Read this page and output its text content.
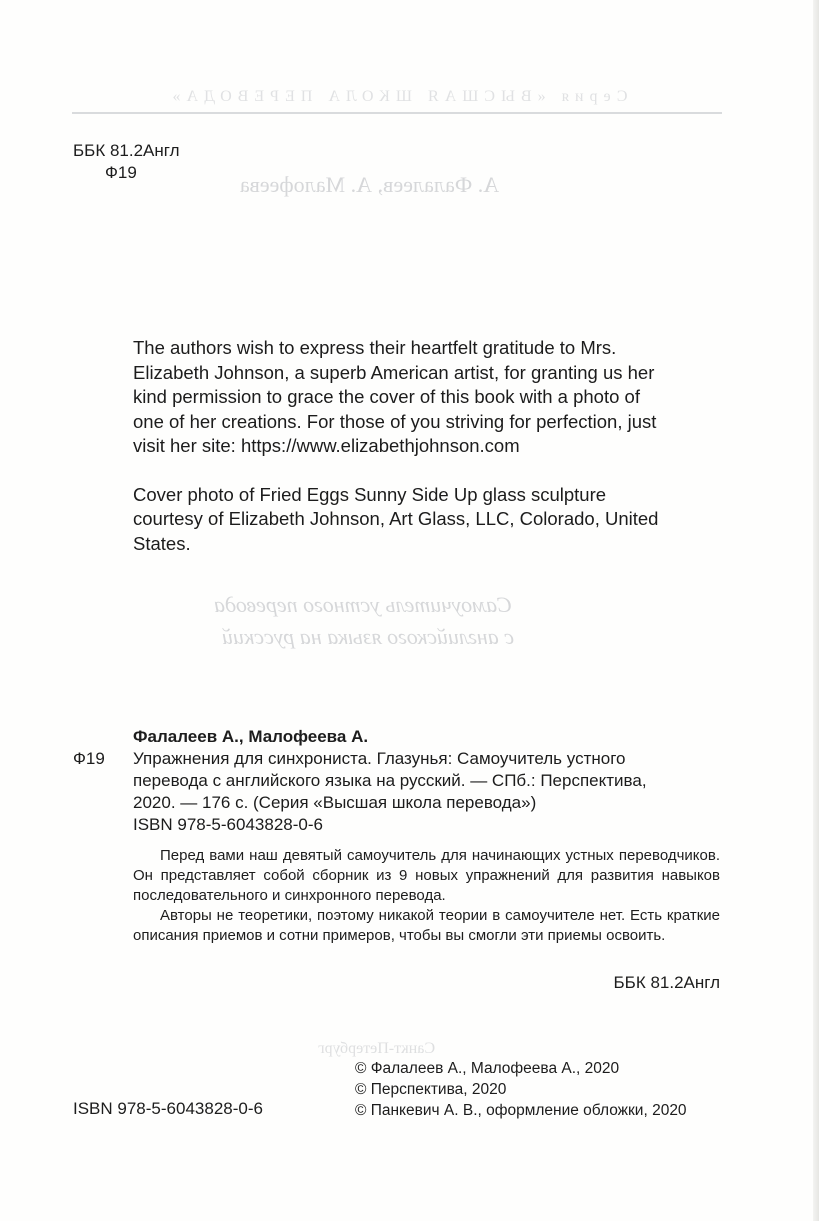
Серия «ВЫСШАЯ ШКОЛА ПЕРЕВОДА»
А. Фалалеев, А. Малофеева
Самоучитель устного перевода
с английского языка на русский
Санкт-Петербург
ББК 81.2Англ
Ф19

The authors wish to express their heartfelt gratitude to Mrs. Elizabeth Johnson, a superb American artist, for granting us her kind permission to grace the cover of this book with a photo of one of her creations. For those of you striving for perfection, just visit her site: https://www.elizabethjohnson.com

Cover photo of Fried Eggs Sunny Side Up glass sculpture courtesy of Elizabeth Johnson, Art Glass, LLC, Colorado, United States.

Фалалеев А., Малофеева А.
Ф19 Упражнения для синхрониста. Глазунья: Самоучитель устного
перевода с английского языка на русский. — СПб.: Перспектива,
2020. — 176 с. (Серия «Высшая школа перевода»)
ISBN 978-5-6043828-0-6

Перед вами наш девятый самоучитель для начинающих устных переводчиков. Он представляет собой сборник из 9 новых упражнений для развития навыков последовательного и синхронного перевода.

Авторы не теоретики, поэтому никакой теории в самоучителе нет. Есть краткие описания приемов и сотни примеров, чтобы вы смогли эти приемы освоить.

ББК 81.2Англ
ISBN 978-5-6043828-0-6
© Фалалеев А., Малофеева А., 2020
© Перспектива, 2020
© Панкевич А. В., оформление обложки, 2020
